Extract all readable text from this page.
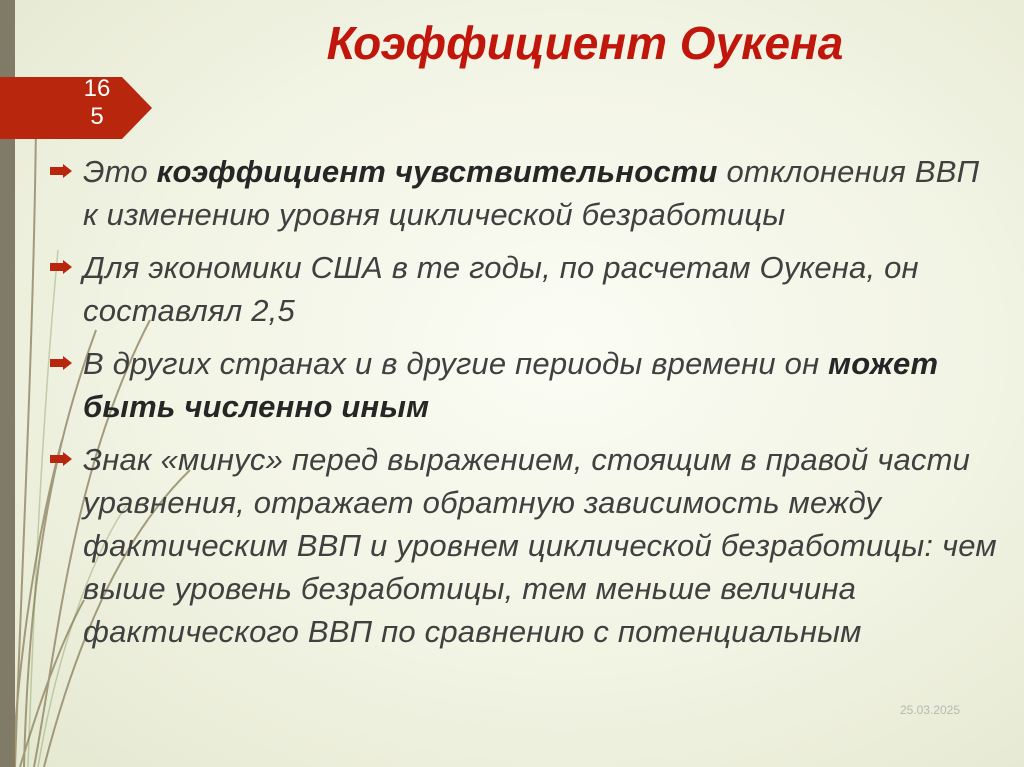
Коэффициент Оукена
16
5
Это коэффициент чувствительности отклонения ВВП к изменению уровня циклической безработицы
Для экономики США в те годы, по расчетам Оукена, он составлял 2,5
В других странах и в другие периоды времени он может быть численно иным
Знак «минус» перед выражением, стоящим в правой части уравнения, отражает обратную зависимость между фактическим ВВП и уровнем циклической безработицы: чем выше уровень безработицы, тем меньше величина фактического ВВП по сравнению с потенциальным
25.03.2025
